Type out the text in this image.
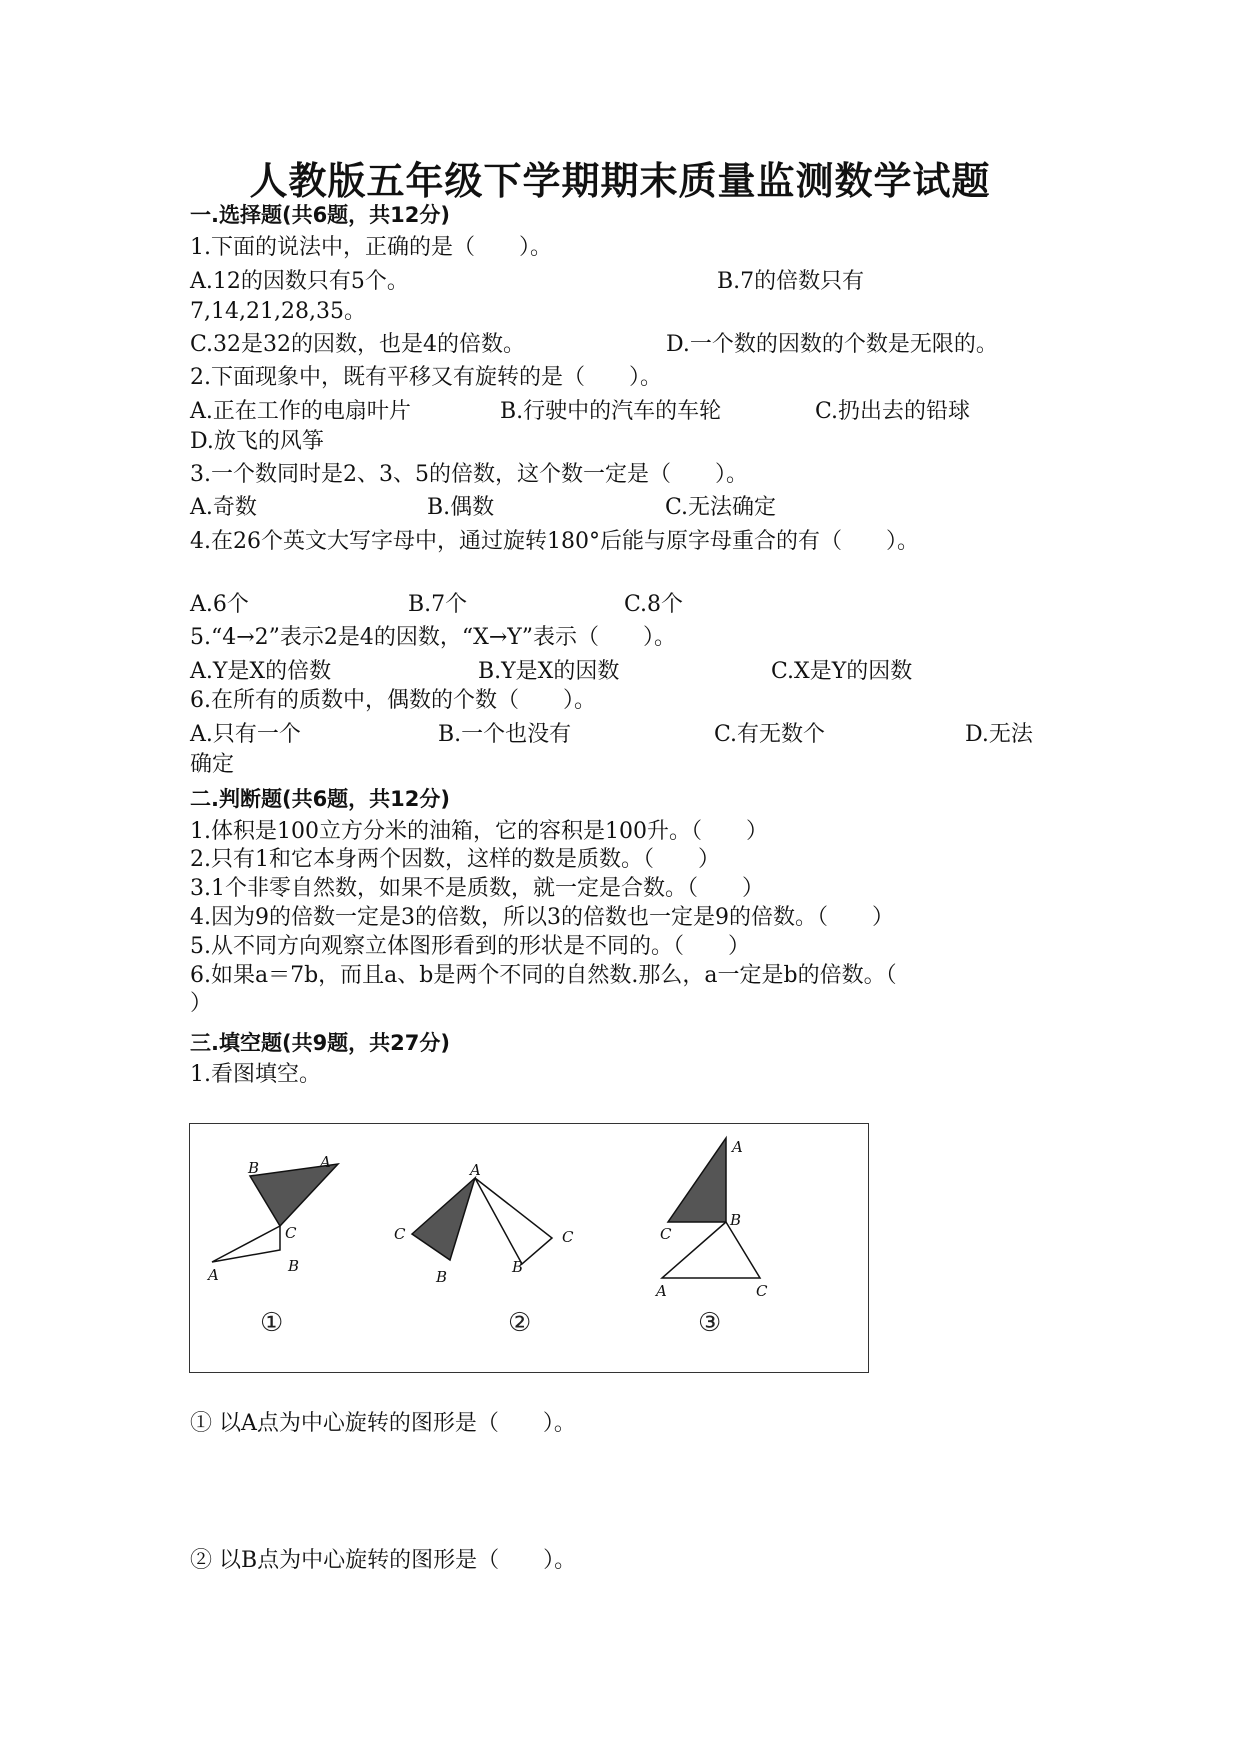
人教版五年级下学期期末质量监测数学试题
一.选择题(共6题，共12分)
1.下面的说法中，正确的是（　　）。
A.12的因数只有5个。	B.7的倍数只有
7,14,21,28,35。
C.32是32的因数，也是4的倍数。	D.一个数的因数的个数是无限的。
2.下面现象中，既有平移又有旋转的是（　　）。
A.正在工作的电扇叶片	B.行驶中的汽车的车轮	C.扔出去的铅球
D.放飞的风筝
3.一个数同时是2、3、5的倍数，这个数一定是（　　）。
A.奇数	B.偶数	C.无法确定
4.在26个英文大写字母中，通过旋转180°后能与原字母重合的有（　　）。
A.6个	B.7个	C.8个
5.“4→2”表示2是4的因数，“X→Y”表示（　　）。
A.Y是X的倍数	B.Y是X的因数	C.X是Y的因数
6.在所有的质数中，偶数的个数（　　）。
A.只有一个	B.一个也没有	C.有无数个	D.无法
确定
二.判断题(共6题，共12分)
1.体积是100立方分米的油箱，它的容积是100升。（　　）
2.只有1和它本身两个因数，这样的数是质数。（　　）
3.1个非零自然数，如果不是质数，就一定是合数。（　　）
4.因为9的倍数一定是3的倍数，所以3的倍数也一定是9的倍数。（　　）
5.从不同方向观察立体图形看到的形状是不同的。（　　）
6.如果a＝7b，而且a、b是两个不同的自然数.那么，a一定是b的倍数。（
）
三.填空题(共9题，共27分)
1.看图填空。
B	A
C
B
A
①
A
C	C
B
B
②
A
B
C
A	C
③
① 以A点为中心旋转的图形是（　　）。
② 以B点为中心旋转的图形是（　　）。
